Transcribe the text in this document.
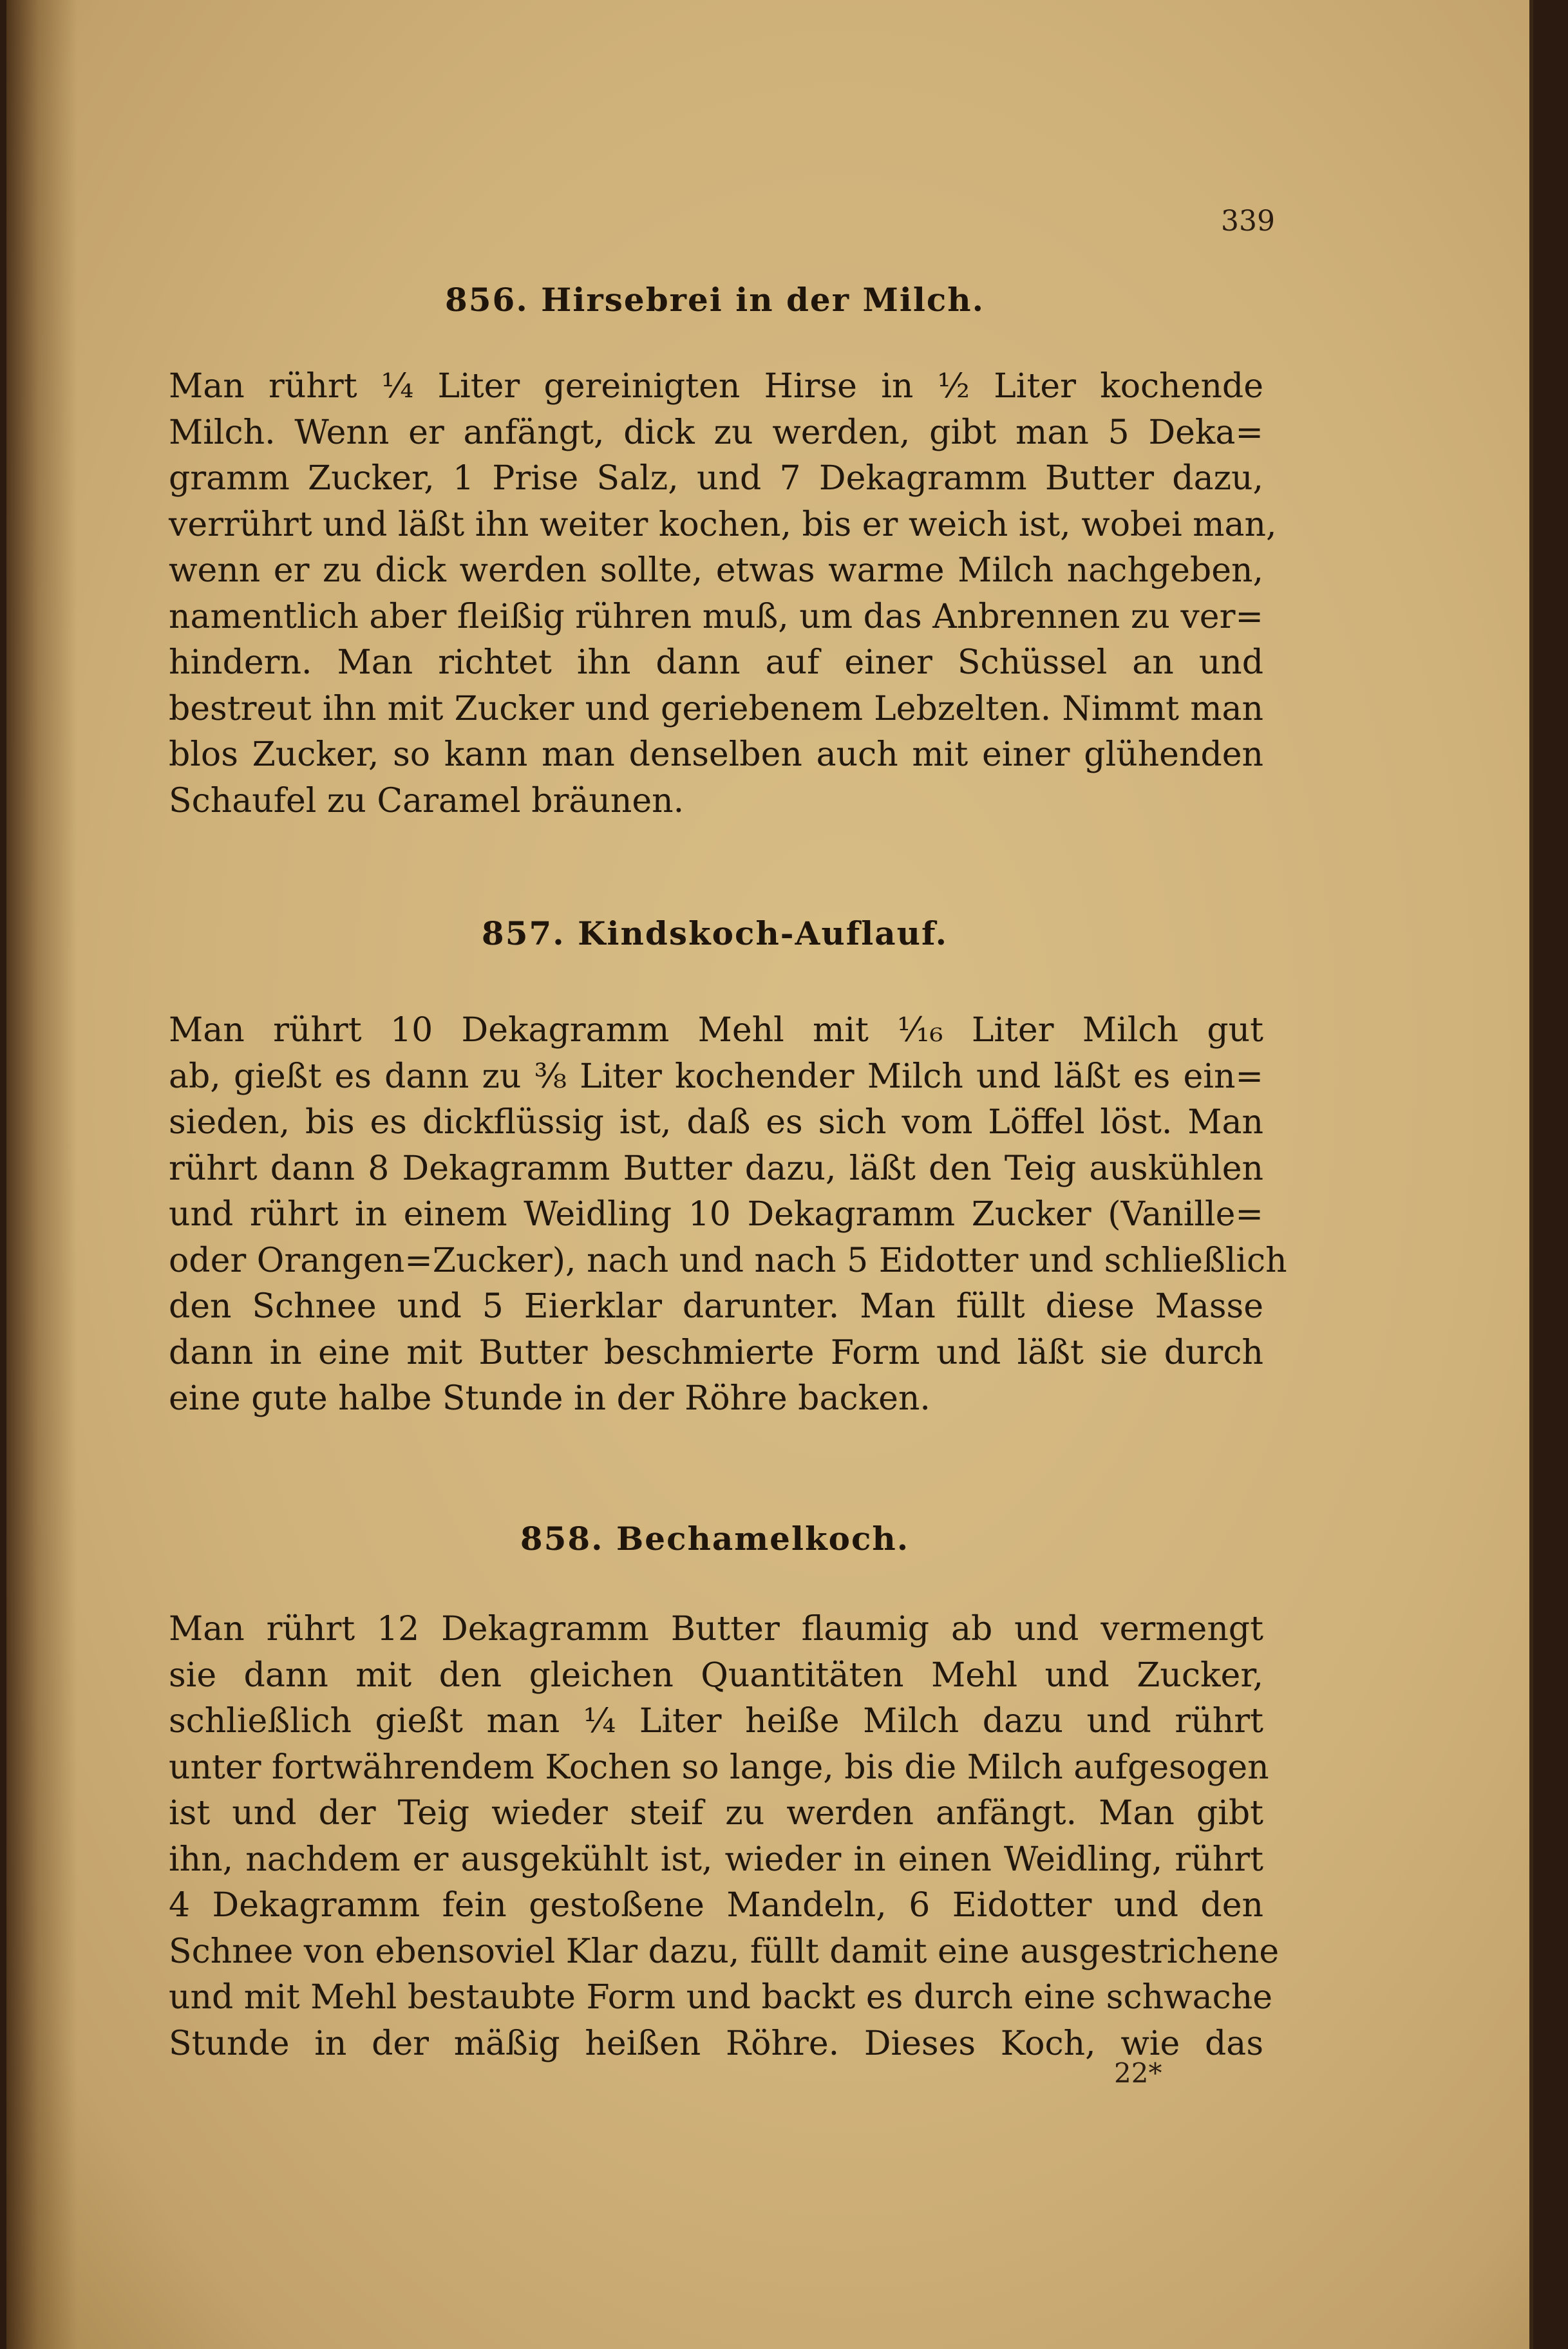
339
856. Hirsebrei in der Milch.
Man rührt ¼ Liter gereinigten Hirse in ½ Liter kochende
Milch. Wenn er anfängt, dick zu werden, gibt man 5 Deka=
gramm Zucker, 1 Prise Salz, und 7 Dekagramm Butter dazu,
verrührt und läßt ihn weiter kochen, bis er weich ist, wobei man,
wenn er zu dick werden sollte, etwas warme Milch nachgeben,
namentlich aber fleißig rühren muß, um das Anbrennen zu ver=
hindern. Man richtet ihn dann auf einer Schüssel an und
bestreut ihn mit Zucker und geriebenem Lebzelten. Nimmt man
blos Zucker, so kann man denselben auch mit einer glühenden
Schaufel zu Caramel bräunen.
857. Kindskoch-Auflauf.
Man rührt 10 Dekagramm Mehl mit ¹⁄₁₆ Liter Milch gut
ab, gießt es dann zu ³⁄₈ Liter kochender Milch und läßt es ein=
sieden, bis es dickflüssig ist, daß es sich vom Löffel löst. Man
rührt dann 8 Dekagramm Butter dazu, läßt den Teig auskühlen
und rührt in einem Weidling 10 Dekagramm Zucker (Vanille=
oder Orangen=Zucker), nach und nach 5 Eidotter und schließlich
den Schnee und 5 Eierklar darunter. Man füllt diese Masse
dann in eine mit Butter beschmierte Form und läßt sie durch
eine gute halbe Stunde in der Röhre backen.
858. Bechamelkoch.
Man rührt 12 Dekagramm Butter flaumig ab und vermengt
sie dann mit den gleichen Quantitäten Mehl und Zucker,
schließlich gießt man ¼ Liter heiße Milch dazu und rührt
unter fortwährendem Kochen so lange, bis die Milch aufgesogen
ist und der Teig wieder steif zu werden anfängt. Man gibt
ihn, nachdem er ausgekühlt ist, wieder in einen Weidling, rührt
4 Dekagramm fein gestoßene Mandeln, 6 Eidotter und den
Schnee von ebensoviel Klar dazu, füllt damit eine ausgestrichene
und mit Mehl bestaubte Form und backt es durch eine schwache
Stunde in der mäßig heißen Röhre. Dieses Koch, wie das
22*
